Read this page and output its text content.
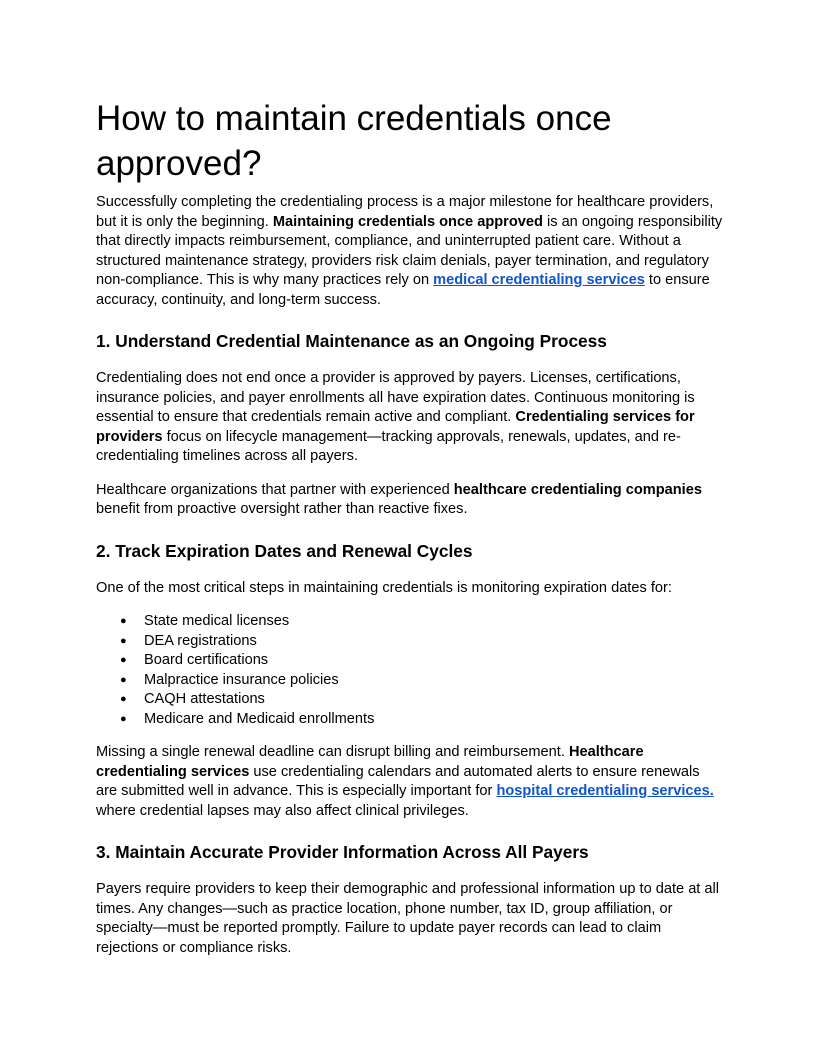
How to maintain credentials once approved?

Successfully completing the credentialing process is a major milestone for healthcare providers, but it is only the beginning. Maintaining credentials once approved is an ongoing responsibility that directly impacts reimbursement, compliance, and uninterrupted patient care. Without a structured maintenance strategy, providers risk claim denials, payer termination, and regulatory non-compliance. This is why many practices rely on medical credentialing services to ensure accuracy, continuity, and long-term success.

1. Understand Credential Maintenance as an Ongoing Process

Credentialing does not end once a provider is approved by payers. Licenses, certifications, insurance policies, and payer enrollments all have expiration dates. Continuous monitoring is essential to ensure that credentials remain active and compliant. Credentialing services for providers focus on lifecycle management—tracking approvals, renewals, updates, and re-credentialing timelines across all payers.

Healthcare organizations that partner with experienced healthcare credentialing companies benefit from proactive oversight rather than reactive fixes.

2. Track Expiration Dates and Renewal Cycles

One of the most critical steps in maintaining credentials is monitoring expiration dates for:

● State medical licenses
● DEA registrations
● Board certifications
● Malpractice insurance policies
● CAQH attestations
● Medicare and Medicaid enrollments

Missing a single renewal deadline can disrupt billing and reimbursement. Healthcare credentialing services use credentialing calendars and automated alerts to ensure renewals are submitted well in advance. This is especially important for hospital credentialing services. where credential lapses may also affect clinical privileges.

3. Maintain Accurate Provider Information Across All Payers

Payers require providers to keep their demographic and professional information up to date at all times. Any changes—such as practice location, phone number, tax ID, group affiliation, or specialty—must be reported promptly. Failure to update payer records can lead to claim rejections or compliance risks.
